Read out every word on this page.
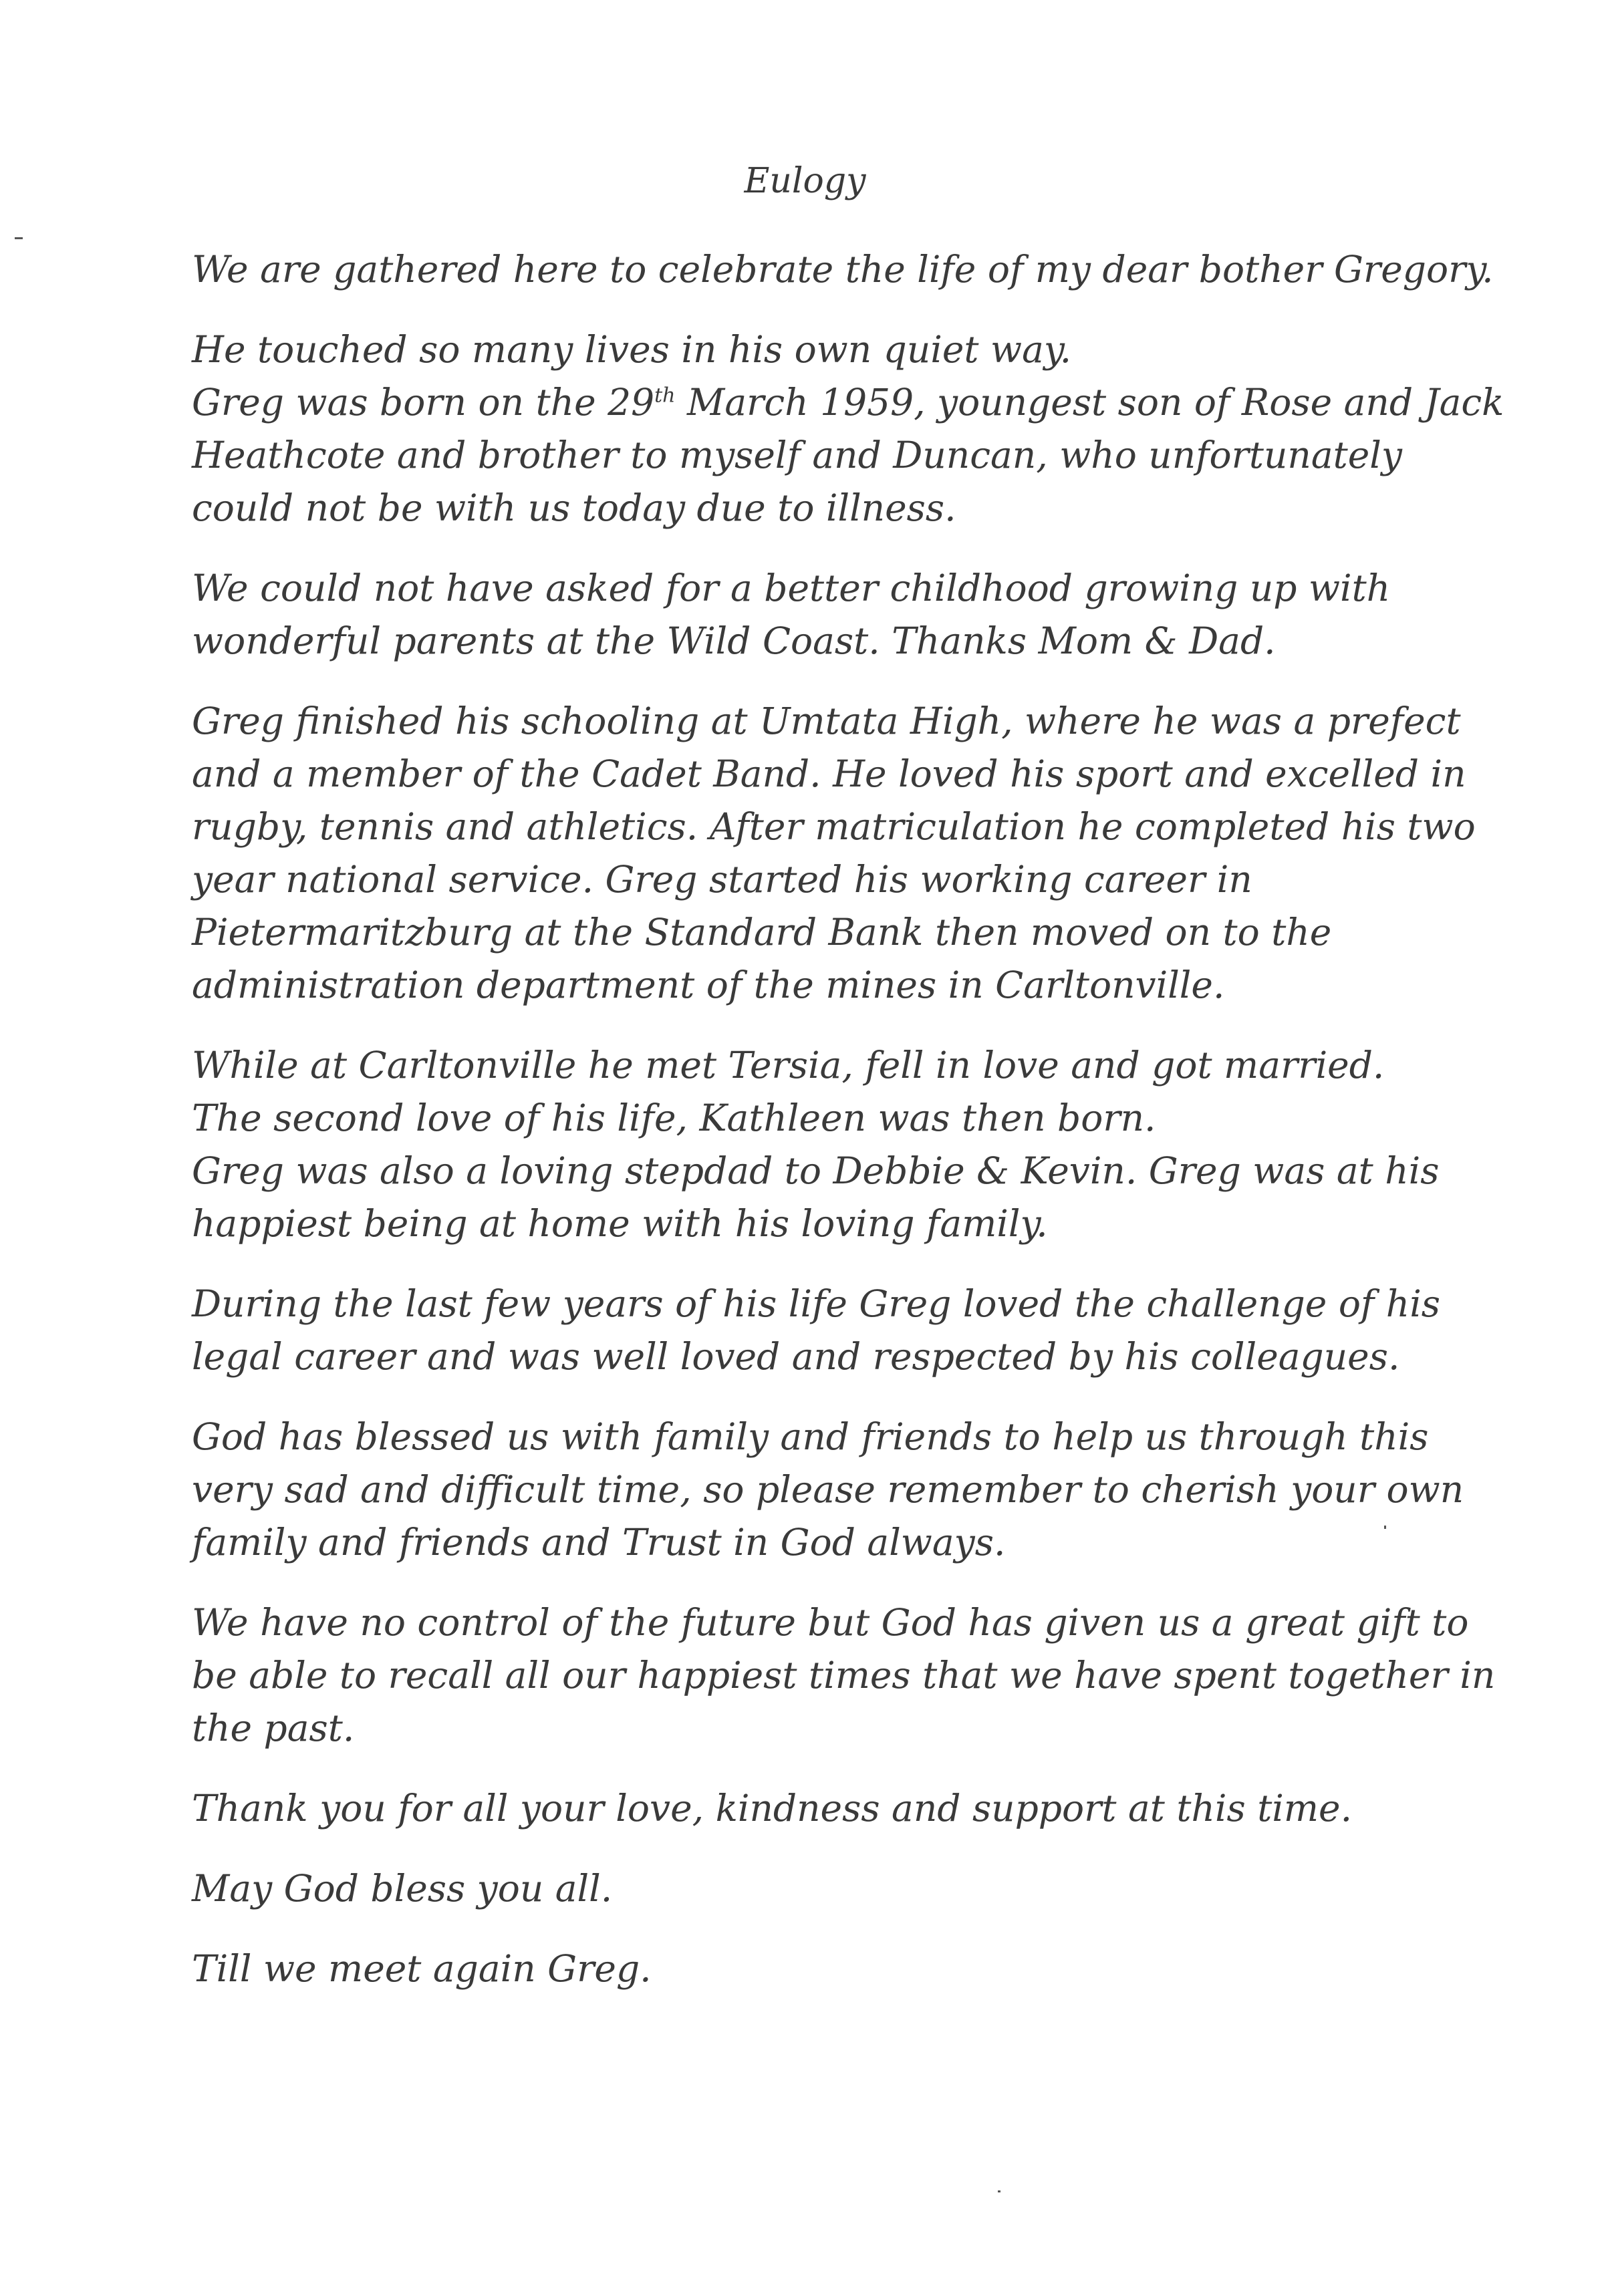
Eulogy
We are gathered here to celebrate the life of my dear bother Gregory.
He touched so many lives in his own quiet way.
Greg was born on the 29th March 1959, youngest son of Rose and Jack
Heathcote and brother to myself and Duncan, who unfortunately
could not be with us today due to illness.
We could not have asked for a better childhood growing up with
wonderful parents at the Wild Coast. Thanks Mom & Dad.
Greg finished his schooling at Umtata High, where he was a prefect
and a member of the Cadet Band. He loved his sport and excelled in
rugby, tennis and athletics. After matriculation he completed his two
year national service. Greg started his working career in
Pietermaritzburg at the Standard Bank then moved on to the
administration department of the mines in Carltonville.
While at Carltonville he met Tersia, fell in love and got married.
The second love of his life, Kathleen was then born.
Greg was also a loving stepdad to Debbie & Kevin. Greg was at his
happiest being at home with his loving family.
During the last few years of his life Greg loved the challenge of his
legal career and was well loved and respected by his colleagues.
God has blessed us with family and friends to help us through this
very sad and difficult time, so please remember to cherish your own
family and friends and Trust in God always.
We have no control of the future but God has given us a great gift to
be able to recall all our happiest times that we have spent together in
the past.
Thank you for all your love, kindness and support at this time.
May God bless you all.
Till we meet again Greg.
